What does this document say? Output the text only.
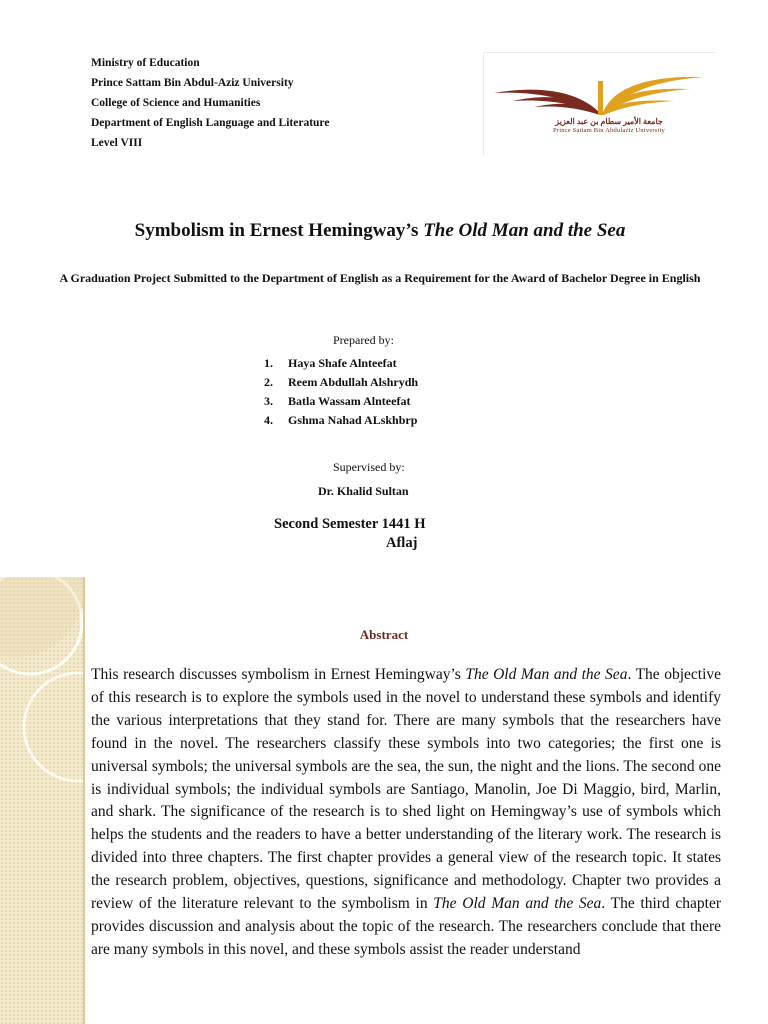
Ministry of Education
Prince Sattam Bin Abdul-Aziz University
College of Science and Humanities
Department of English Language and Literature
Level VIII
جامعة الأمير سطام بن عبد العزيز
Prince Sattam Bin Abdulaziz University
Symbolism in Ernest Hemingway’s The Old Man and the Sea
A Graduation Project Submitted to the Department of English as a Requirement for the Award of Bachelor Degree in English
Prepared by:
1. Haya Shafe Alnteefat
2. Reem Abdullah Alshrydh
3. Batla Wassam Alnteefat
4. Gshma Nahad ALskhbrp
Supervised by:
Dr. Khalid Sultan
Second Semester 1441 H
Aflaj
Abstract
This research discusses symbolism in Ernest Hemingway’s The Old Man and the Sea. The objective of this research is to explore the symbols used in the novel to understand these symbols and identify the various interpretations that they stand for. There are many symbols that the researchers have found in the novel. The researchers classify these symbols into two categories; the first one is universal symbols; the universal symbols are the sea, the sun, the night and the lions. The second one is individual symbols; the individual symbols are Santiago, Manolin, Joe Di Maggio, bird, Marlin, and shark. The significance of the research is to shed light on Hemingway’s use of symbols which helps the students and the readers to have a better understanding of the literary work. The research is divided into three chapters. The first chapter provides a general view of the research topic. It states the research problem, objectives, questions, significance and methodology. Chapter two provides a review of the literature relevant to the symbolism in The Old Man and the Sea. The third chapter provides discussion and analysis about the topic of the research. The researchers conclude that there are many symbols in this novel, and these symbols assist the reader understand
